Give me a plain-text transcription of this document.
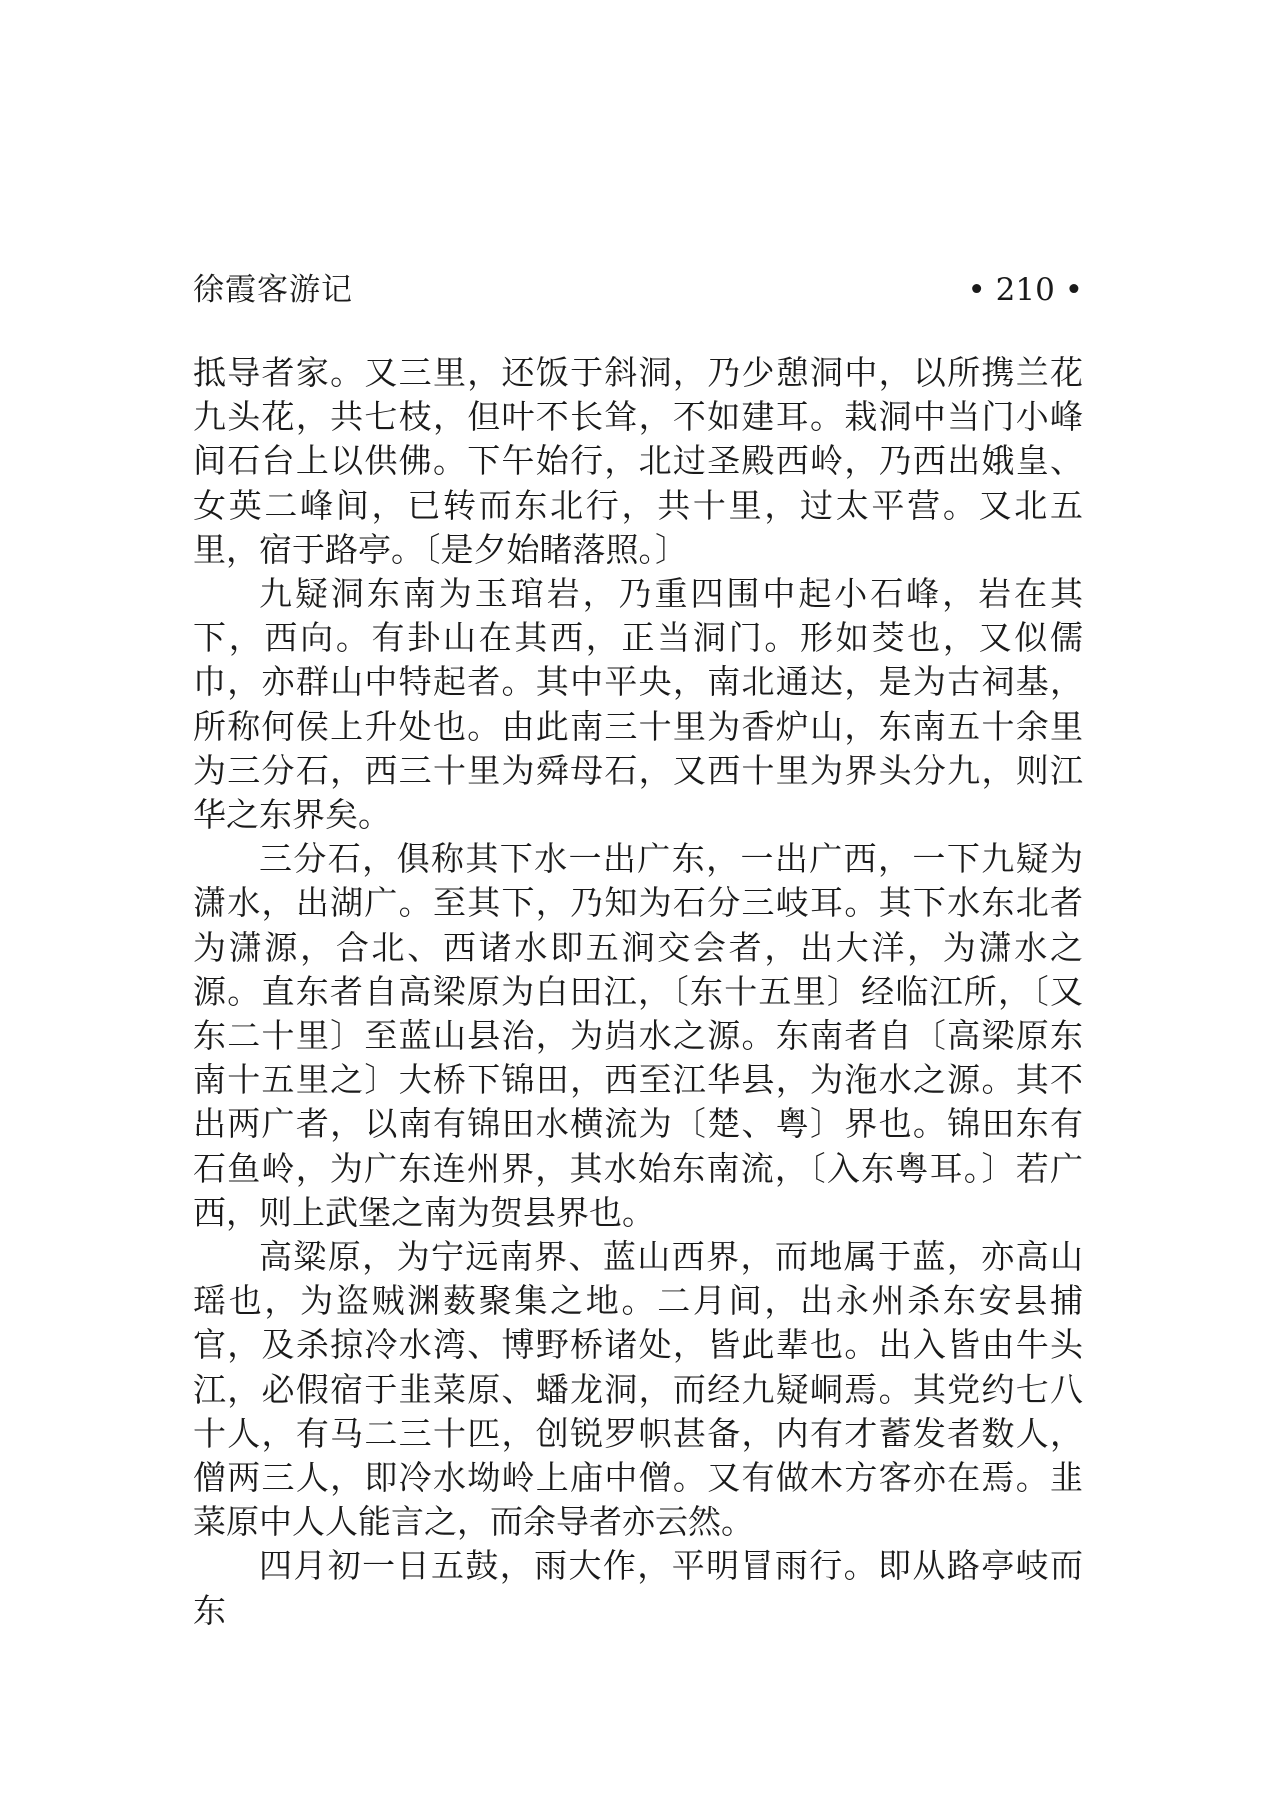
徐霞客游记	• 210 •

抵导者家。又三里，还饭于斜洞，乃少憩洞中，以所携兰花九头花，共七枝，但叶不长耸，不如建耳。栽洞中当门小峰间石台上以供佛。下午始行，北过圣殿西岭，乃西出娥皇、女英二峰间，已转而东北行，共十里，过太平营。又北五里，宿于路亭。〔是夕始睹落照。〕

九疑洞东南为玉琯岩，乃重四围中起小石峰，岩在其下，西向。有卦山在其西，正当洞门。形如茭也，又似儒巾，亦群山中特起者。其中平央，南北通达，是为古祠基，所称何侯上升处也。由此南三十里为香炉山，东南五十余里为三分石，西三十里为舜母石，又西十里为界头分九，则江华之东界矣。

三分石，俱称其下水一出广东，一出广西，一下九疑为潇水，出湖广。至其下，乃知为石分三岐耳。其下水东北者为潇源，合北、西诸水即五涧交会者，出大洋，为潇水之源。直东者自高梁原为白田江，〔东十五里〕经临江所，〔又东二十里〕至蓝山县治，为岿水之源。东南者自〔高梁原东南十五里之〕大桥下锦田，西至江华县，为沲水之源。其不出两广者，以南有锦田水横流为〔楚、粤〕界也。锦田东有石鱼岭，为广东连州界，其水始东南流，〔入东粤耳。〕若广西，则上武堡之南为贺县界也。

高粱原，为宁远南界、蓝山西界，而地属于蓝，亦高山瑶也，为盗贼渊薮聚集之地。二月间，出永州杀东安县捕官，及杀掠冷水湾、博野桥诸处，皆此辈也。出入皆由牛头江，必假宿于韭菜原、蟠龙洞，而经九疑峒焉。其党约七八十人，有马二三十匹，创锐罗帜甚备，内有才蓄发者数人，僧两三人，即冷水坳岭上庙中僧。又有做木方客亦在焉。韭菜原中人人能言之，而余导者亦云然。

四月初一日五鼓，雨大作，平明冒雨行。即从路亭岐而东
